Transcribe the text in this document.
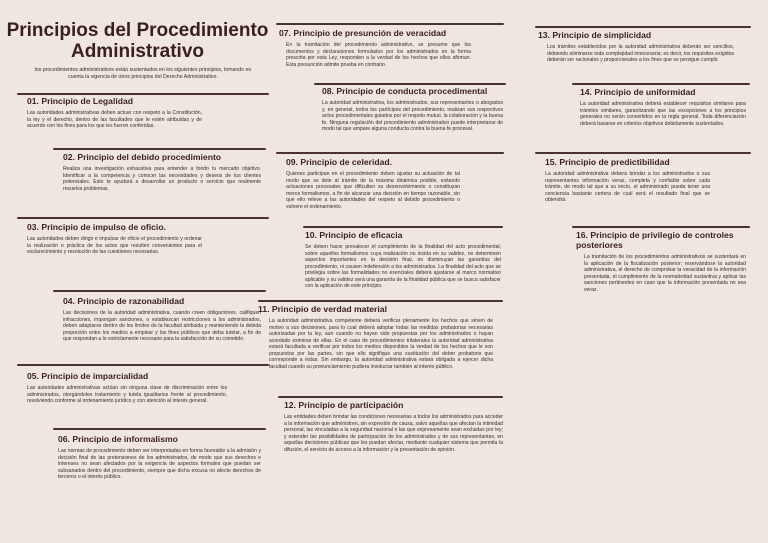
Principios del Procedimiento Administrativo
los procedimientos administrativos están sustentados en los siguientes principios, tomando en cuenta la vigencia de otros principios del Derecho Administrativo.
01. Principio de Legalidad

Las autoridades administrativas deben actuar con respeto a la Constitución, la ley y el derecho, dentro de las facultades que le estén atribuidas y de acuerdo con los fines para los que les fueron conferidas.

02. Principio del debido procedimiento

Realiza una investigación exhaustiva para entender a fondo tu mercado objetivo. Identificar a la competencia y conocer las necesidades y deseos de tus clientes potenciales. Esto te ayudará a desarrollar un producto o servicio que realmente resuelva problemas.

03. Principio de impulso de oficio.

Las autoridades deben dirigir e impulsar de oficio el procedimiento y ordenar la realización o práctica de los actos que resulten convenientes para el esclarecimiento y resolución de las cuestiones necesarias.

04. Principio de razonabilidad

Las decisiones de la autoridad administrativa, cuando creen obligaciones, califiquen infracciones, impongan sanciones, o establezcan restricciones a los administrados, deben adaptarse dentro de los límites de la facultad atribuida y manteniendo la debida proporción entre los medios a emplear y los fines públicos que deba tutelar, a fin de que respondan a lo estrictamente necesario para la satisfacción de su cometido.

05. Principio de imparcialidad

Las autoridades administrativas actúan sin ninguna clase de discriminación entre los administrados, otorgándoles tratamiento y tutela igualitarios frente al procedimiento, resolviendo conforme al ordenamiento jurídico y con atención al interés general.

06. Principio de informalismo

Las normas de procedimiento deben ser interpretadas en forma favorable a la admisión y decisión final de las pretensiones de los administrados, de modo que sus derechos e intereses no sean afectados por la exigencia de aspectos formales que puedan ser subsanados dentro del procedimiento, siempre que dicha excusa no afecte derechos de terceros o el interés público.

07. Principio de presunción de veracidad

En la tramitación del procedimiento administrativo, se presume que los documentos y declaraciones formulados por los administrados en la forma prescrita por esta Ley, responden a la verdad de los hechos que ellos afirman. Esta presunción admite prueba en contrario.

08. Principio de conducta procedimental

La autoridad administrativa, los administrados, sus representantes o abogados y, en general, todos los partícipes del procedimiento, realizan sus respectivos actos procedimentales guiados por el respeto mutuo, la colaboración y la buena fe. Ninguna regulación del procedimiento administrativo puede interpretarse de modo tal que ampare alguna conducta contra la buena fe procesal.

09. Principio de celeridad.

Quienes participan en el procedimiento deben ajustar su actuación de tal modo que se dote al trámite de la máxima dinámica posible, evitando actuaciones procesales que dificulten su desenvolvimiento o constituyan meros formalismos, a fin de alcanzar una decisión en tiempo razonable, sin que ello releve a las autoridades del respeto al debido procedimiento o vulnere el ordenamiento.

10. Principio de eficacia

Se deben hacer prevalecer el cumplimiento de la finalidad del acto procedimental, sobre aquellos formalismos cuya realización no incida en su validez, no determinen aspectos importantes en la decisión final, no disminuyan las garantías del procedimiento, ni causen indefensión a los administrados. La finalidad del acto que se privilegia sobre las formalidades no esenciales deberá ajustarse al marco normativo aplicable y su validez será una garantía de la finalidad pública que se busca satisfacer con la aplicación de este principio.

11. Principio de verdad material

La autoridad administrativa competente deberá verificar plenamente los hechos que sirven de motivo a sus decisiones, para lo cual deberá adoptar todas las medidas probatorias necesarias autorizadas por la ley, aun cuando no hayan sido propuestas por los administrados o hayan acordado eximirse de ellas. En el caso de procedimientos trilaterales la autoridad administrativa estará facultada a verificar por todos los medios disponibles la verdad de los hechos que le son propuestos por las partes, sin que ello signifique una sustitución del deber probatorio que corresponde a éstas. Sin embargo, la autoridad administrativa estará obligada a ejercer dicha facultad cuando su pronunciamiento pudiera involucrar también al interés público.

12. Principio de participación

Las entidades deben brindar las condiciones necesarias a todos los administrados para acceder a la información que administren, sin expresión de causa, salvo aquellas que afectan la intimidad personal, las vinculadas a la seguridad nacional o las que expresamente sean excluidas por ley; y extender las posibilidades de participación de los administrados y de sus representantes, en aquellas decisiones públicas que les puedan afectar, mediante cualquier sistema que permita la difusión, el servicio de acceso a la información y la presentación de opinión.

13. Principio de simplicidad

Los trámites establecidos por la autoridad administrativa deberán ser sencillos, debiendo eliminarse toda complejidad innecesaria; es decir, los requisitos exigidos deberán ser racionales y proporcionales a los fines que se persigue cumplir.

14. Principio de uniformidad

La autoridad administrativa deberá establecer requisitos similares para trámites similares, garantizando que las excepciones a los principios generales no serán convertidos en la regla general. Toda diferenciación deberá basarse en criterios objetivos debidamente sustentados.

15. Principio de predictibilidad

La autoridad administrativa deberá brindar a los administrados o sus representantes información veraz, completa y confiable sobre cada trámite, de modo tal que a su inicio, el administrado pueda tener una conciencia bastante certera de cuál será el resultado final que se obtendrá.

16. Principio de privilegio de controles posteriores

La tramitación de los procedimientos administrativos se sustentará en la aplicación de la fiscalización posterior; reservándose la autoridad administrativa, el derecho de comprobar la veracidad de la información presentada, el cumplimiento de la normatividad sustantiva y aplicar las sanciones pertinentes en caso que la información presentada no sea veraz.
